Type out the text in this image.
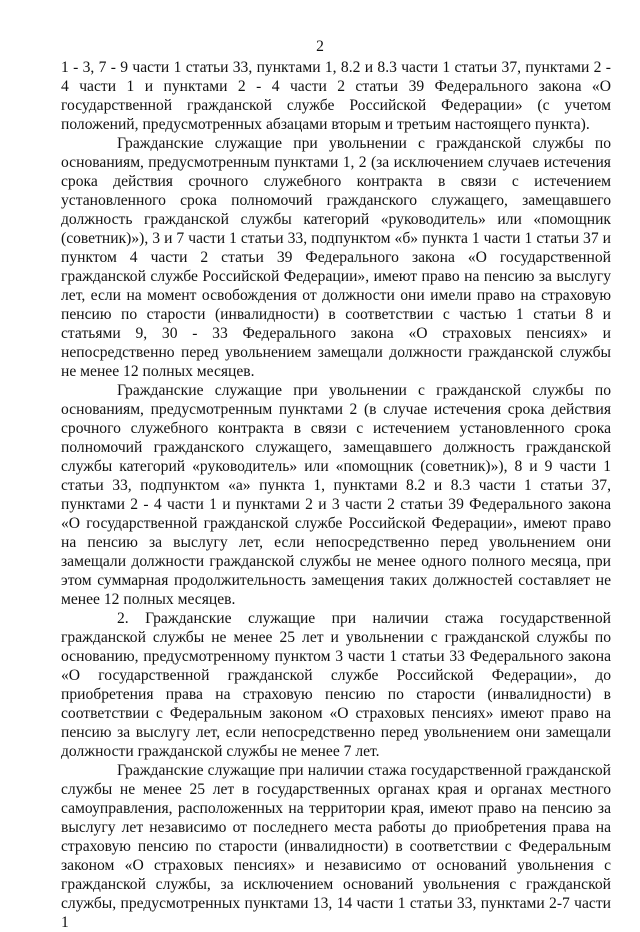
2

1 - 3, 7 - 9 части 1 статьи 33, пунктами 1, 8.2 и 8.3 части 1 статьи 37, пунктами 2 - 4 части 1 и пунктами 2 - 4 части 2 статьи 39 Федерального закона «О государственной гражданской службе Российской Федерации» (с учетом положений, предусмотренных абзацами вторым и третьим настоящего пункта).

Гражданские служащие при увольнении с гражданской службы по основаниям, предусмотренным пунктами 1, 2 (за исключением случаев истечения срока действия срочного служебного контракта в связи с истечением установленного срока полномочий гражданского служащего, замещавшего должность гражданской службы категорий «руководитель» или «помощник (советник)»), 3 и 7 части 1 статьи 33, подпунктом «б» пункта 1 части 1 статьи 37 и пунктом 4 части 2 статьи 39 Федерального закона «О государственной гражданской службе Российской Федерации», имеют право на пенсию за выслугу лет, если на момент освобождения от должности они имели право на страховую пенсию по старости (инвалидности) в соответствии с частью 1 статьи 8 и статьями 9, 30 - 33 Федерального закона «О страховых пенсиях» и непосредственно перед увольнением замещали должности гражданской службы не менее 12 полных месяцев.

Гражданские служащие при увольнении с гражданской службы по основаниям, предусмотренным пунктами 2 (в случае истечения срока действия срочного служебного контракта в связи с истечением установленного срока полномочий гражданского служащего, замещавшего должность гражданской службы категорий «руководитель» или «помощник (советник)»), 8 и 9 части 1 статьи 33, подпунктом «а» пункта 1, пунктами 8.2 и 8.3 части 1 статьи 37, пунктами 2 - 4 части 1 и пунктами 2 и 3 части 2 статьи 39 Федерального закона «О государственной гражданской службе Российской Федерации», имеют право на пенсию за выслугу лет, если непосредственно перед увольнением они замещали должности гражданской службы не менее одного полного месяца, при этом суммарная продолжительность замещения таких должностей составляет не менее 12 полных месяцев.

2. Гражданские служащие при наличии стажа государственной гражданской службы не менее 25 лет и увольнении с гражданской службы по основанию, предусмотренному пунктом 3 части 1 статьи 33 Федерального закона «О государственной гражданской службе Российской Федерации», до приобретения права на страховую пенсию по старости (инвалидности) в соответствии с Федеральным законом «О страховых пенсиях» имеют право на пенсию за выслугу лет, если непосредственно перед увольнением они замещали должности гражданской службы не менее 7 лет.

Гражданские служащие при наличии стажа государственной гражданской службы не менее 25 лет в государственных органах края и органах местного самоуправления, расположенных на территории края, имеют право на пенсию за выслугу лет независимо от последнего места работы до приобретения права на страховую пенсию по старости (инвалидности) в соответствии с Федеральным законом «О страховых пенсиях» и независимо от оснований увольнения с гражданской службы, за исключением оснований увольнения с гражданской службы, предусмотренных пунктами 13, 14 части 1 статьи 33, пунктами 2-7 части 1
